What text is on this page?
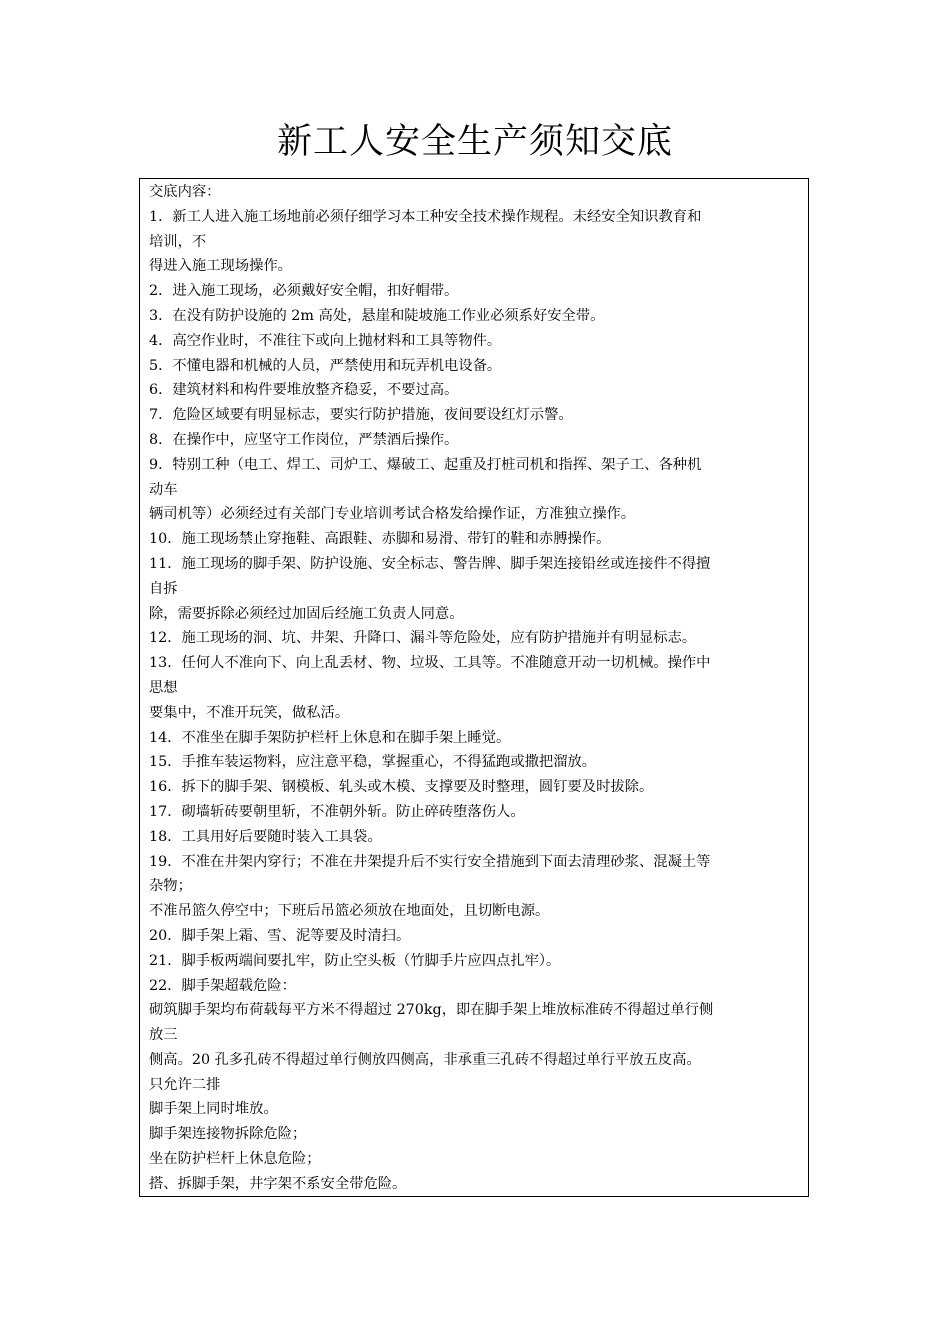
新工人安全生产须知交底
交底内容：
1．新工人进入施工场地前必须仔细学习本工种安全技术操作规程。未经安全知识教育和
培训，不
得进入施工现场操作。
2．进入施工现场，必须戴好安全帽，扣好帽带。
3．在没有防护设施的 2m 高处，悬崖和陡坡施工作业必须系好安全带。
4．高空作业时，不准往下或向上抛材料和工具等物件。
5．不懂电器和机械的人员，严禁使用和玩弄机电设备。
6．建筑材料和构件要堆放整齐稳妥，不要过高。
7．危险区域要有明显标志，要实行防护措施，夜间要设红灯示警。
8．在操作中，应坚守工作岗位，严禁酒后操作。
9．特别工种（电工、焊工、司炉工、爆破工、起重及打桩司机和指挥、架子工、各种机
动车
辆司机等）必须经过有关部门专业培训考试合格发给操作证，方准独立操作。
10．施工现场禁止穿拖鞋、高跟鞋、赤脚和易滑、带钉的鞋和赤膊操作。
11．施工现场的脚手架、防护设施、安全标志、警告牌、脚手架连接铅丝或连接件不得擅
自拆
除，需要拆除必须经过加固后经施工负责人同意。
12．施工现场的洞、坑、井架、升降口、漏斗等危险处，应有防护措施并有明显标志。
13．任何人不准向下、向上乱丢材、物、垃圾、工具等。不准随意开动一切机械。操作中
思想
要集中，不准开玩笑，做私活。
14．不准坐在脚手架防护栏杆上休息和在脚手架上睡觉。
15．手推车装运物料，应注意平稳，掌握重心，不得猛跑或撒把溜放。
16．拆下的脚手架、钢模板、轧头或木模、支撑要及时整理，圆钉要及时拔除。
17．砌墙斩砖要朝里斩，不准朝外斩。防止碎砖堕落伤人。
18．工具用好后要随时装入工具袋。
19．不准在井架内穿行；不准在井架提升后不实行安全措施到下面去清理砂浆、混凝土等
杂物；
不准吊篮久停空中；下班后吊篮必须放在地面处，且切断电源。
20．脚手架上霜、雪、泥等要及时清扫。
21．脚手板两端间要扎牢，防止空头板（竹脚手片应四点扎牢）。
22．脚手架超载危险：
砌筑脚手架均布荷载每平方米不得超过 270kg，即在脚手架上堆放标准砖不得超过单行侧
放三
侧高。20 孔多孔砖不得超过单行侧放四侧高，非承重三孔砖不得超过单行平放五皮高。
只允许二排
脚手架上同时堆放。
脚手架连接物拆除危险；
坐在防护栏杆上休息危险；
搭、拆脚手架，井字架不系安全带危险。
